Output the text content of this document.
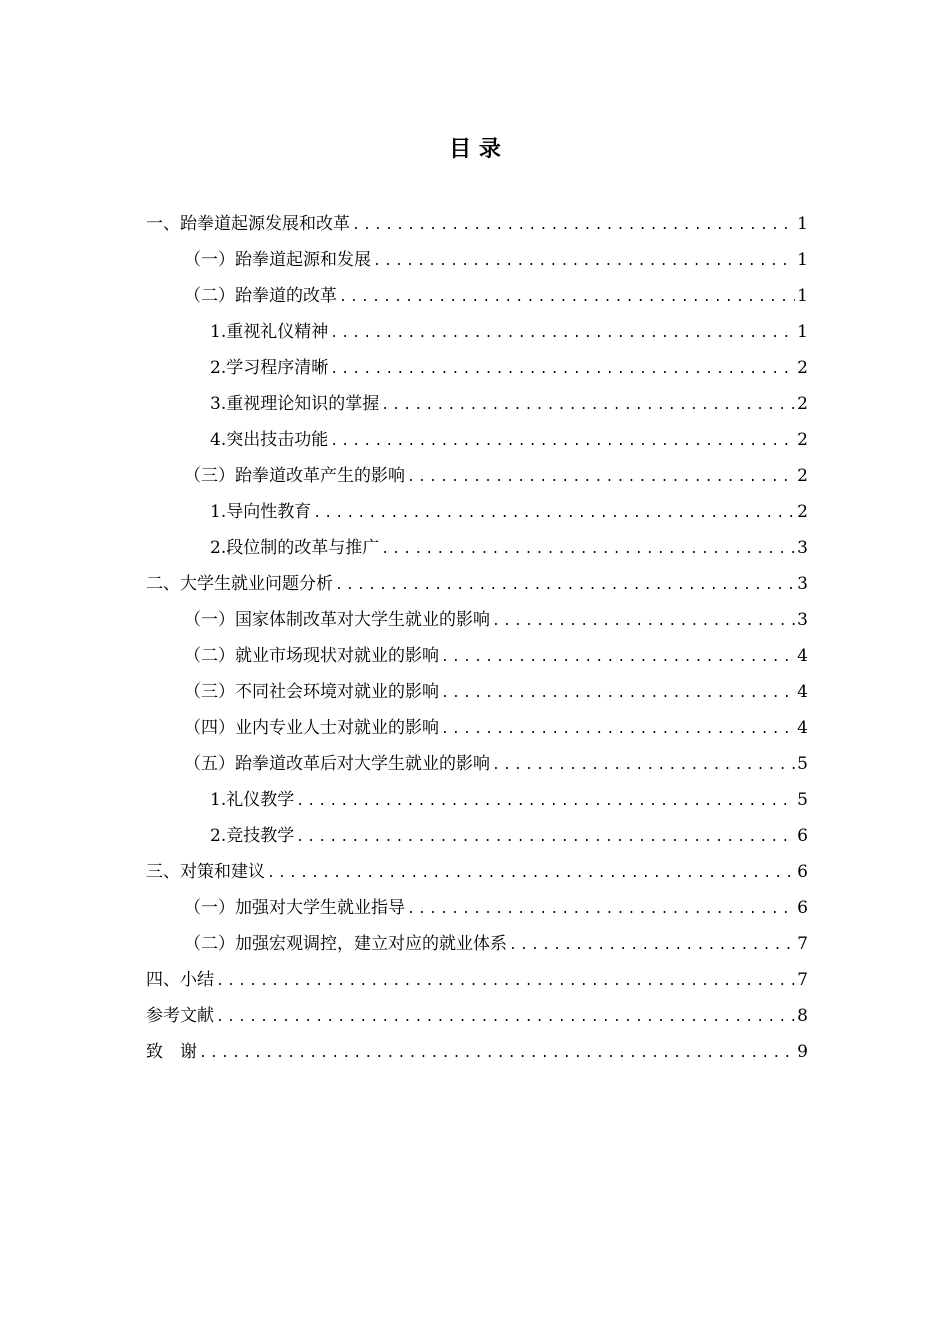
目 录
一、跆拳道起源发展和改革 .....	1
（一）跆拳道起源和发展 .....	1
（二）跆拳道的改革 .....	1
1.重视礼仪精神 .....	1
2.学习程序清晰 .....	2
3.重视理论知识的掌握 .....	2
4.突出技击功能 .....	2
（三）跆拳道改革产生的影响 .....	2
1.导向性教育 .....	2
2.段位制的改革与推广 .....	3
二、大学生就业问题分析 .....	3
（一）国家体制改革对大学生就业的影响 .....	3
（二）就业市场现状对就业的影响 .....	4
（三）不同社会环境对就业的影响 .....	4
（四）业内专业人士对就业的影响 .....	4
（五）跆拳道改革后对大学生就业的影响 .....	5
1.礼仪教学 .....	5
2.竞技教学 .....	6
三、对策和建议 .....	6
（一）加强对大学生就业指导 .....	6
（二）加强宏观调控，建立对应的就业体系 .....	7
四、小结 .....	7
参考文献 .....	8
致　谢 .....	9
